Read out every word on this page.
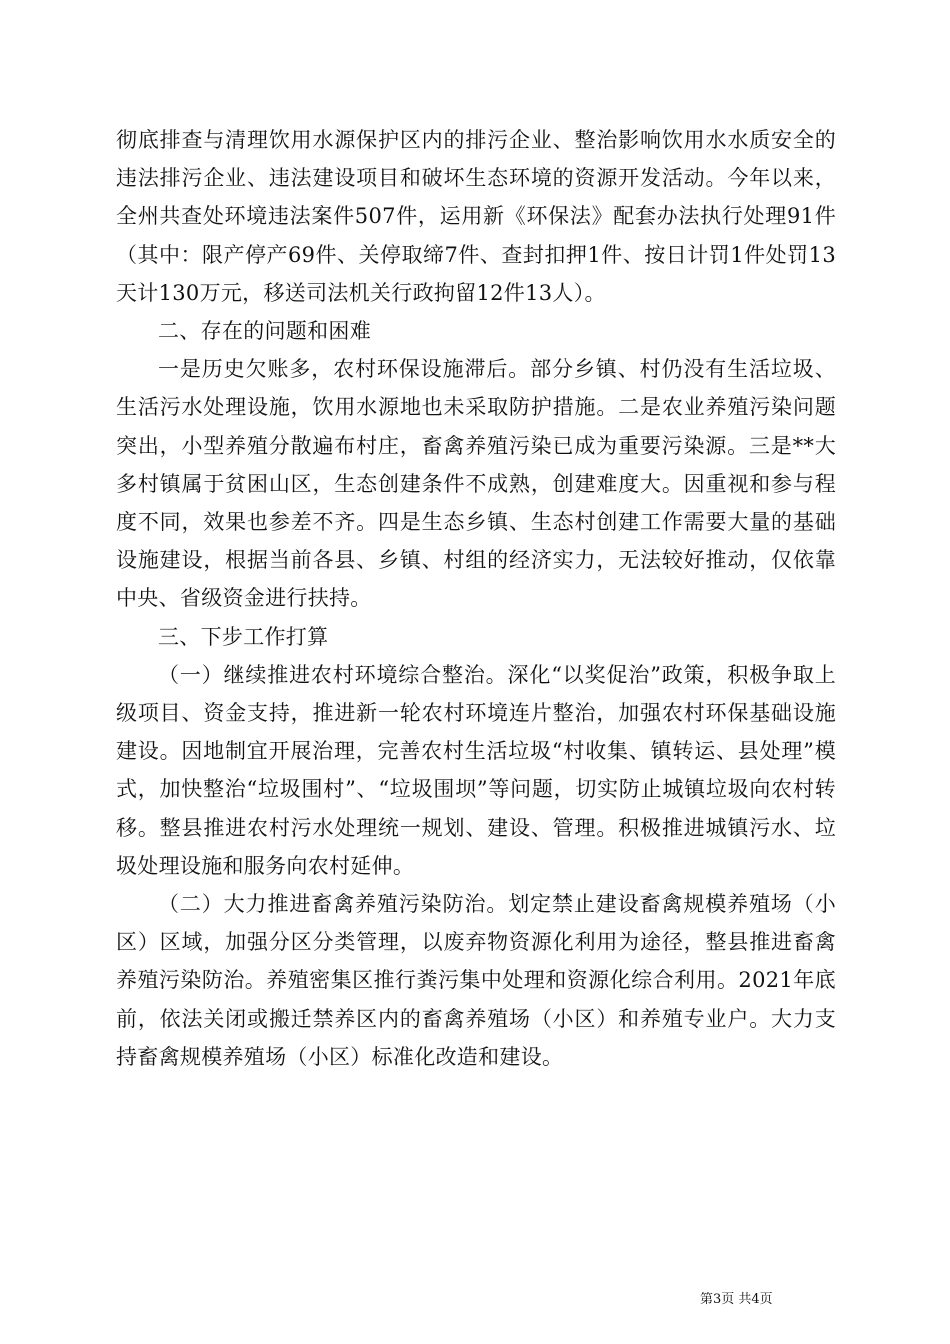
彻底排查与清理饮用水源保护区内的排污企业、整治影响饮用水水质安全的违法排污企业、违法建设项目和破坏生态环境的资源开发活动。今年以来，全州共查处环境违法案件507件，运用新《环保法》配套办法执行处理91件（其中：限产停产69件、关停取缔7件、查封扣押1件、按日计罚1件处罚13天计130万元，移送司法机关行政拘留12件13人）。

二、存在的问题和困难

一是历史欠账多，农村环保设施滞后。部分乡镇、村仍没有生活垃圾、生活污水处理设施，饮用水源地也未采取防护措施。二是农业养殖污染问题突出，小型养殖分散遍布村庄，畜禽养殖污染已成为重要污染源。三是**大多村镇属于贫困山区，生态创建条件不成熟，创建难度大。因重视和参与程度不同，效果也参差不齐。四是生态乡镇、生态村创建工作需要大量的基础设施建设，根据当前各县、乡镇、村组的经济实力，无法较好推动，仅依靠中央、省级资金进行扶持。

三、下步工作打算

（一）继续推进农村环境综合整治。深化“以奖促治”政策，积极争取上级项目、资金支持，推进新一轮农村环境连片整治，加强农村环保基础设施建设。因地制宜开展治理，完善农村生活垃圾“村收集、镇转运、县处理”模式，加快整治“垃圾围村”、“垃圾围坝”等问题，切实防止城镇垃圾向农村转移。整县推进农村污水处理统一规划、建设、管理。积极推进城镇污水、垃圾处理设施和服务向农村延伸。

（二）大力推进畜禽养殖污染防治。划定禁止建设畜禽规模养殖场（小区）区域，加强分区分类管理，以废弃物资源化利用为途径，整县推进畜禽养殖污染防治。养殖密集区推行粪污集中处理和资源化综合利用。2021年底前，依法关闭或搬迁禁养区内的畜禽养殖场（小区）和养殖专业户。大力支持畜禽规模养殖场（小区）标准化改造和建设。

第3页 共4页
